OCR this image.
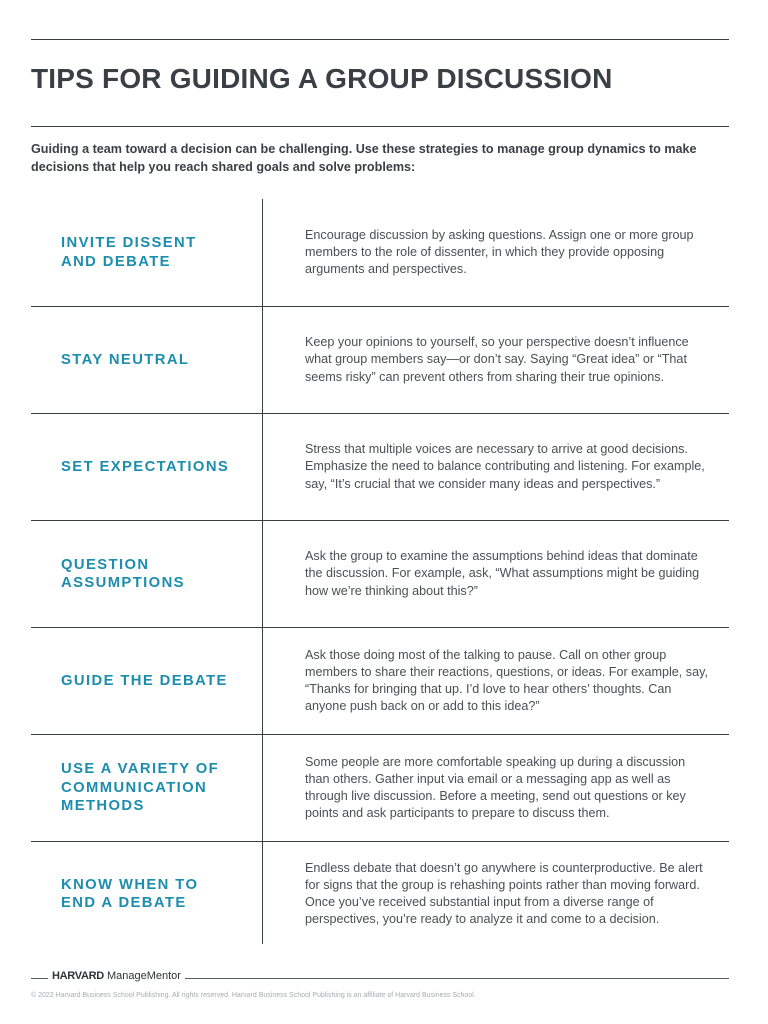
TIPS FOR GUIDING A GROUP DISCUSSION

Guiding a team toward a decision can be challenging. Use these strategies to manage group dynamics to make decisions that help you reach shared goals and solve problems:

INVITE DISSENT AND DEBATE
Encourage discussion by asking questions. Assign one or more group members to the role of dissenter, in which they provide opposing arguments and perspectives.
STAY NEUTRAL
Keep your opinions to yourself, so your perspective doesn’t influence what group members say—or don’t say. Saying “Great idea” or “That seems risky” can prevent others from sharing their true opinions.
SET EXPECTATIONS
Stress that multiple voices are necessary to arrive at good decisions. Emphasize the need to balance contributing and listening. For example, say, “It’s crucial that we consider many ideas and perspectives.”
QUESTION ASSUMPTIONS
Ask the group to examine the assumptions behind ideas that dominate the discussion. For example, ask, “What assumptions might be guiding how we’re thinking about this?”
GUIDE THE DEBATE
Ask those doing most of the talking to pause. Call on other group members to share their reactions, questions, or ideas. For example, say, “Thanks for bringing that up. I’d love to hear others’ thoughts. Can anyone push back on or add to this idea?”
USE A VARIETY OF COMMUNICATION METHODS
Some people are more comfortable speaking up during a discussion than others. Gather input via email or a messaging app as well as through live discussion. Before a meeting, send out questions or key points and ask participants to prepare to discuss them.
KNOW WHEN TO END A DEBATE
Endless debate that doesn’t go anywhere is counterproductive. Be alert for signs that the group is rehashing points rather than moving forward. Once you’ve received substantial input from a diverse range of perspectives, you’re ready to analyze it and come to a decision.
HARVARD ManageMentor

© 2022 Harvard Business School Publishing. All rights reserved. Harvard Business School Publishing is an affiliate of Harvard Business School.
